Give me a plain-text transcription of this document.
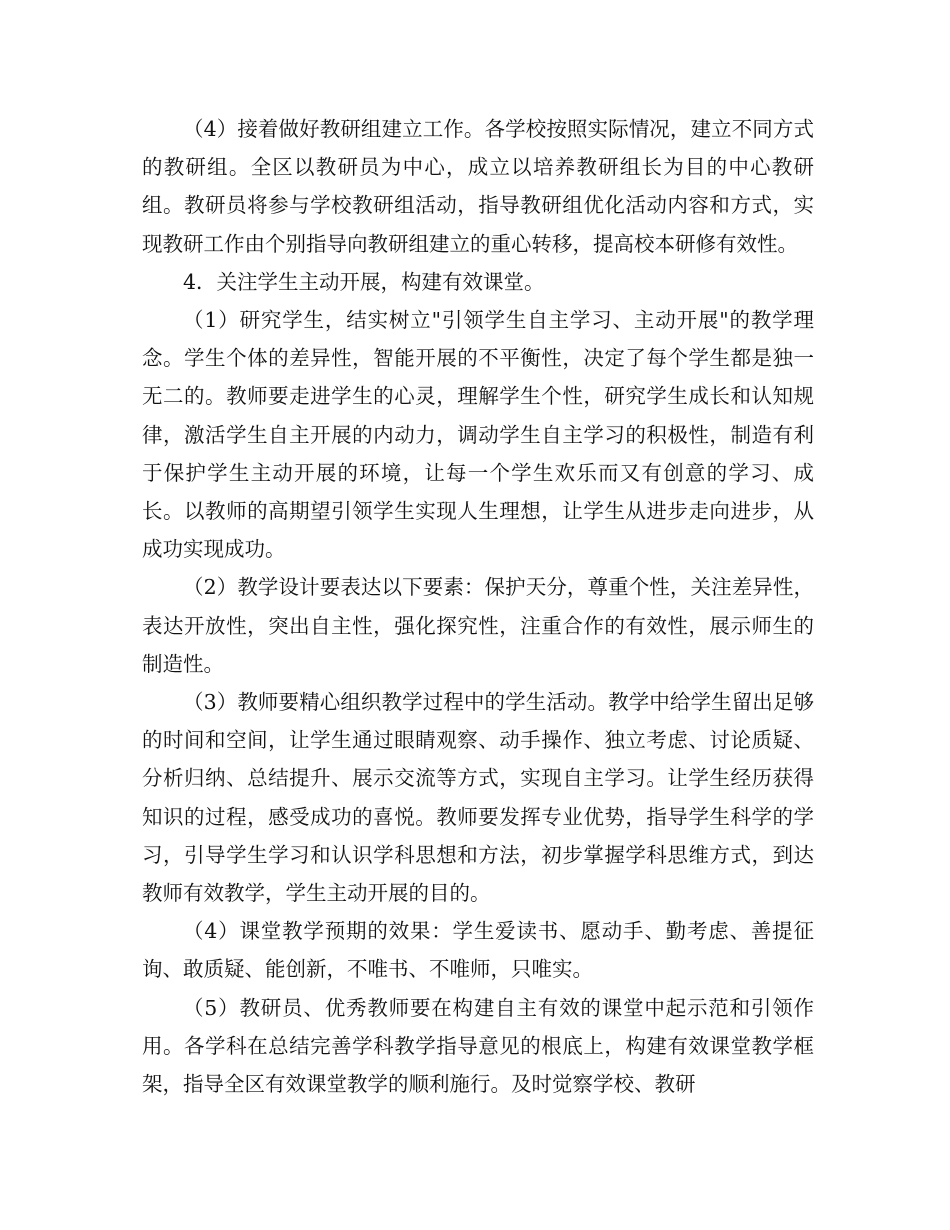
（4）接着做好教研组建立工作。各学校按照实际情况，建立不同方式的教研组。全区以教研员为中心，成立以培养教研组长为目的中心教研组。教研员将参与学校教研组活动，指导教研组优化活动内容和方式，实现教研工作由个别指导向教研组建立的重心转移，提高校本研修有效性。

4．关注学生主动开展，构建有效课堂。

（1）研究学生，结实树立"引领学生自主学习、主动开展"的教学理念。学生个体的差异性，智能开展的不平衡性，决定了每个学生都是独一无二的。教师要走进学生的心灵，理解学生个性，研究学生成长和认知规律，激活学生自主开展的内动力，调动学生自主学习的积极性，制造有利于保护学生主动开展的环境，让每一个学生欢乐而又有创意的学习、成长。以教师的高期望引领学生实现人生理想，让学生从进步走向进步，从成功实现成功。

（2）教学设计要表达以下要素：保护天分，尊重个性，关注差异性，表达开放性，突出自主性，强化探究性，注重合作的有效性，展示师生的制造性。

（3）教师要精心组织教学过程中的学生活动。教学中给学生留出足够的时间和空间，让学生通过眼睛观察、动手操作、独立考虑、讨论质疑、分析归纳、总结提升、展示交流等方式，实现自主学习。让学生经历获得知识的过程，感受成功的喜悦。教师要发挥专业优势，指导学生科学的学习，引导学生学习和认识学科思想和方法，初步掌握学科思维方式，到达教师有效教学，学生主动开展的目的。

（4）课堂教学预期的效果：学生爱读书、愿动手、勤考虑、善提征询、敢质疑、能创新，不唯书、不唯师，只唯实。

（5）教研员、优秀教师要在构建自主有效的课堂中起示范和引领作用。各学科在总结完善学科教学指导意见的根底上，构建有效课堂教学框架，指导全区有效课堂教学的顺利施行。及时觉察学校、教研
